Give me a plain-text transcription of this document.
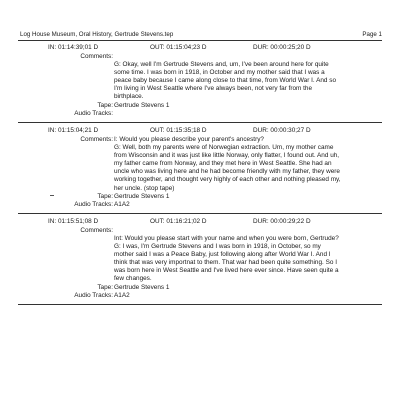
Log House Museum, Oral History, Gertrude Stevens.tep	Page 1
IN: 01:14:39;01 D	OUT: 01:15:04;23 D	DUR: 00:00:25;20 D
Comments:

G: Okay, well I'm Gertrude Stevens and, um, I've been around here for quite
some time. I was born in 1918, in October and my mother said that I was a
peace baby because I came along close to that time, from World War I. And so
I'm living in West Seattle where I've always been, not very far from the
birthplace.

Tape: Gertrude Stevens 1
Audio Tracks:
IN: 01:15:04;21 D	OUT: 01:15:35;18 D	DUR: 00:00:30;27 D
Comments: I: Would you please describe your parent's ancestry?
G: Well, both my parents were of Norwegian extraction. Um, my mother came
from Wisconsin and it was just like little Norway, only flatter, I found out. And uh,
my father came from Norway, and they met here in West Seattle. She had an
uncle who was living here and he had become friendly with my father, they were
working together, and thought very highly of each other and nothing pleased my,
her uncle. (stop tape)

Tape: Gertrude Stevens 1
Audio Tracks: A1A2
IN: 01:15:51;08 D	OUT: 01:16:21;02 D	DUR: 00:00:29;22 D
Comments:

Int: Would you please start with your name and when you were born, Gertrude?
G: I was, I'm Gertrude Stevens and I was born in 1918, in October, so my
mother said I was a Peace Baby, just following along after World War I. And I
think that was very importnat to them. That war had been quite something. So I
was born here in West Seattle and I've lived here ever since. Have seen quite a
few changes.

Tape: Gertrude Stevens 1
Audio Tracks: A1A2
